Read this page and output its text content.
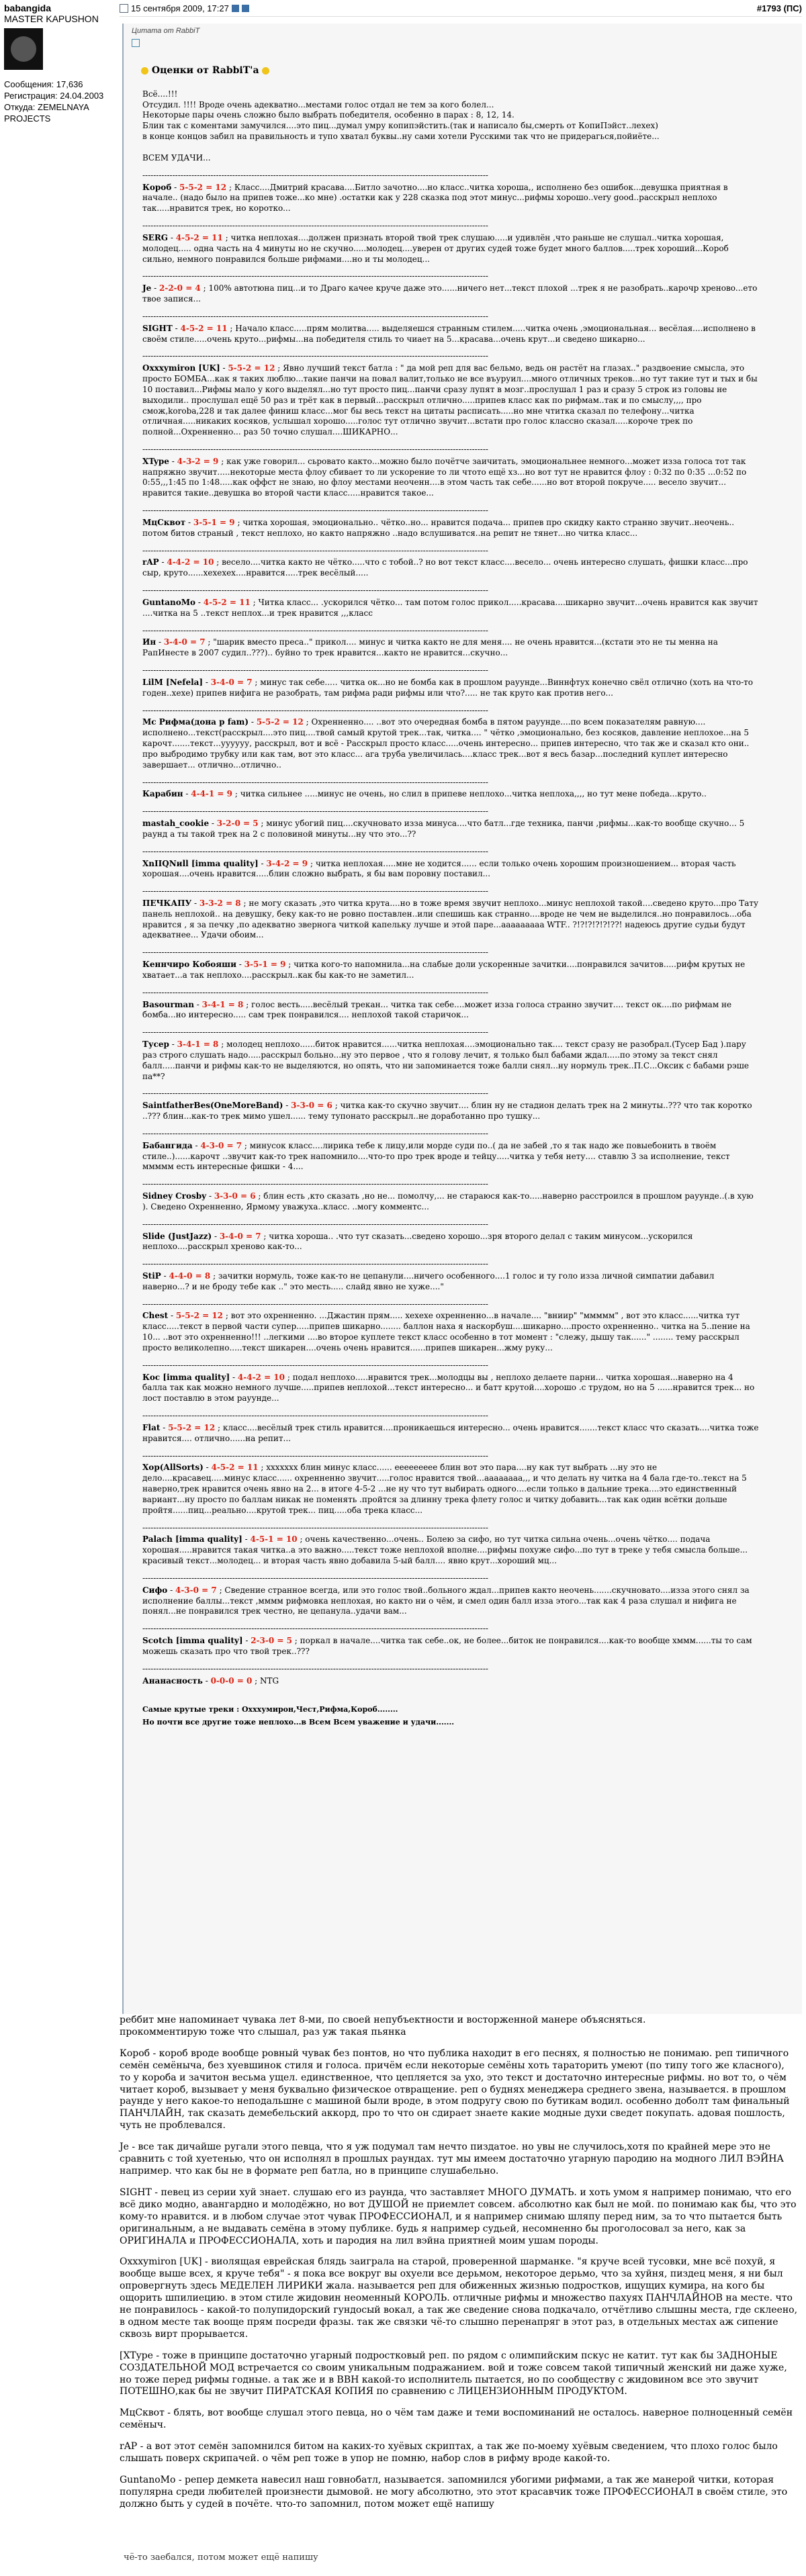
babangida
MASTER KAPUSHON
Сообщения: 17,636
Регистрация: 24.04.2003
Откуда: ZEMELNAYA PROJECTS
15 сентября 2009, 17:27	#1793 (ПС)
Цитата от RabbiT
Оценки от RabbiT'a

Всё....!!!

Отсудил. !!!! Вроде очень адекватно...местами голос отдал не тем за кого болел...

Некоторые пары очень сложно было выбрать победителя, особенно в парах : 8, 12, 14.

Блин так с коментами замучился....это пиц...думал умру копипэйстить.(так и написало бы,смерть от КопиПэйст..лехех)

в конце концов забил на правильность и тупо хватал буквы..ну сами хотели Русскими так что не придерагься,пойиёте...

ВСЕМ УДАЧИ...

-------------------------------------------------------------------------------------------------------------------------------
Короб - 5-5-2 = 12 ; Класс....Дмитрий красава....Битло зачотно....но класс..читка хороша,, исполнено без ошибок...девушка приятная в начале.. (надо было на припев тоже...ко мне) .остатки как у 228 сказка под этот минус...рифмы хорошо..very good..расскрыл неплохо так.....нравится трек, но короткo...
-------------------------------------------------------------------------------------------------------------------------------
SERG - 4-5-2 = 11 ; читка неплохая....должен признать второй твой трек слушаю.....и удивлён ,что раньше не слушал..читка хорошая, молодец..... одна часть на 4 минуты но не скучно.....молодец....уверен от других судей тоже будет много баллов.....трек хороший...Короб сильно, немного понравился больше рифмами....но и ты молодец...
-------------------------------------------------------------------------------------------------------------------------------
Je - 2-2-0 = 4 ; 100% автотюна пиц...и то Драго качее круче даже это......ничего нет...текст плохой ...трек я не разобрать..карочр хреново...ето твое запися...
-------------------------------------------------------------------------------------------------------------------------------
SIGHT - 4-5-2 = 11 ; Начало класс.....прям молитва..... выделяешся странным стилем.....читка очень ,эмоциональная... весёлая....исполнено в своём стиле.....очень круто...рифмы...на победителя стиль то чиает на 5...красава...очень крут...и сведено шикарно...
-------------------------------------------------------------------------------------------------------------------------------
Oxxxymiron [UK] - 5-5-2 = 12 ; Явно лучший текст батла : " да мой реп для вас бельмо, ведь он растёт на глазах.." раздвоение смысла, это просто БОМБА...как я таких люблю...такие панчи на повал валит,только не все въуруил....много отличных треков...но тут такие тут и тых и бы 10 поставил...Рифмы мало у кого выделял...но тут просто пиц...панчи сразу лупят в мозг..прослушал 1 раз и сразу 5 строк из головы не выходили.. прослушал ещё 50 раз и трёт как в первый...расскрыл отлично.....припев класс как по рифмам..так и по смыслу,,,, про смож,korobа,228 и так далее финиш класс...мог бы весь текст на цитаты расписать.....но мне чтитка сказал по телефону...читка отличная.....никаких косяков, услышал хорошо.....голос тут отлично звучит...встати про голос классно сказал.....короче трек по полной...Охренненно... раз 50 точно слушал....ШИКАРНО...
-------------------------------------------------------------------------------------------------------------------------------
XType - 4-3-2 = 9 ; как уже говорил... сьровато както...можно было почётче заичитать, эмоциональнее немного...может изза голоса тот так напряжно звучит.....некоторые места флоу сбивает то ли ускорение то ли чтото ещё хз...но вот тут не нравится флоу : 0:32 по 0:35 ...0:52 по 0:55,,,1:45 по 1:48.....как оффст не знаю, но флоу местами неоченн....в этом часть так себе......но вот второй покруче..... весело звучит... нравится такие..девушка во второй части класс.....нравится такое...
-------------------------------------------------------------------------------------------------------------------------------
MцСквот - 3-5-1 = 9 ; читка хорошая, эмоционально.. чётко..но... нравится подача... припев про скидку както странно звучит..неочень.. потом битов страный , текст неплохо, но както напряжно ..надо вслушиватся..на репит не тянет...но читка класс...
-------------------------------------------------------------------------------------------------------------------------------
rAP - 4-4-2 = 10 ; весело....читка както не чётко.....что с тобой..? но вот текст класс....весело... очень интересно слушать, фишки класс...про сыр, круто......хехехех....нравится.....трек весёлый.....
-------------------------------------------------------------------------------------------------------------------------------
GuntanoMo - 4-5-2 = 11 ; Читка класс... .ускорился чётко... там потом голос прикол.....красава....шикарно звучит...очень нравится как звучит ....читка на 5 ..текст неплох...и трек нравится ,,,класс
-------------------------------------------------------------------------------------------------------------------------------
Ин - 3-4-0 = 7 ; "шарик вместо преса.." прикол.... минус и читка както не для меня.... не очень нравится...(кстати это не ты менна на РапИнесте в 2007 судил..???).. буйно то трек нравится...както не нравится...скучно...
-------------------------------------------------------------------------------------------------------------------------------
LilM [Nefela] - 3-4-0 = 7 ; минус так себе..... читка ок...но не бомба как в прошлом рауунде...Виннфтух конечно свёл отлично (хоть на что-то годен..хехе) припев нифига не разобрать, там рифма ради рифмы или что?..... не так круто как против него...
-------------------------------------------------------------------------------------------------------------------------------
Mc Рифма(дона p fam) - 5-5-2 = 12 ; Охренненно.... ..вот это очередная бомба в пятом рауунде....по всем показателям равную.... исполнено...текст(расскрыл....это пиц....твой самый крутой трек...так, читка.... " чётко ,эмоционально, без косяков, давление неплохое...на 5 карочт.......текст...уууууу, расскрыл, вот и всё - Расскрыл просто класс.....очень интересно... припев интересно, что так же и сказал кто они.. про выбродимо трубку или как там, вот это класс... ага труба увеличилась....класс трек...вот я весь базар...последний куплет интересно завершает... отлично...отлично..
-------------------------------------------------------------------------------------------------------------------------------
Карабин - 4-4-1 = 9 ; читка сильнее .....минус не очень, но слил в припеве неплохо...читка неплоха,,,, но тут мене победа...круто..
-------------------------------------------------------------------------------------------------------------------------------
mastah_cookie - 3-2-0 = 5 ; минус убогий пиц....скучновато изза минуса....что батл...где техника, панчи ,рифмы...как-то вообще скучно... 5 раунд а ты такой трек на 2 с половиной минуты...ну что это...??
-------------------------------------------------------------------------------------------------------------------------------
XnIIQNиll [imma quality] - 3-4-2 = 9 ; читка неплохая.....мне не ходится...... если только очень хорошим произношением... вторая часть хорошая....очень нравится.....блин сложно выбрать, я бы вам поровну поставил...
-------------------------------------------------------------------------------------------------------------------------------
ПЕЧКАПУ - 3-3-2 = 8 ; не могу сказать ,это читка крута....но в тоже время звучит неплохо...минус неплохой такой....сведено круто...про Тату панель неплохой.. на девушку, беку как-то не ровно поставлен..или спешишь как странно....вроде не чем не выделился..но понравилось...оба нравится , я за печку ,по адекватно звернога читкой капельку лучше и этой паре...ааааааааа WTF.. ?!?!?!?!?!??! надеюсь другие судьи будут адекватнее... Удачи обоим...
-------------------------------------------------------------------------------------------------------------------------------
Кеннчиро Кобояши - 3-5-1 = 9 ; читка кого-то напомнила...на слабые доли ускоренные зачитки....понравился зачитов.....рифм крутых не хватает...а так неплохо....расскрыл..как бы как-то не заметил...
-------------------------------------------------------------------------------------------------------------------------------
Basourman - 3-4-1 = 8 ; голос весть.....весёлый трекан... читка так себе....может изза голоса странно звучит.... текст ок....по рифмам не бомба...но интересно..... сам трек понравился.... неплохой такой старичок...
-------------------------------------------------------------------------------------------------------------------------------
Тусер - 3-4-1 = 8 ; молодец неплохо......биток нравится......читка неплохая....эмоционально так.... текст сразу не разобрал.(Тусер Бад ).пару раз строго слушать надо.....расскрыл больно...ну это первое , что я голову лечит, я только был бабами ждал.....по этому за текст снял балл.....панчи и рифмы как-то не выделяются, но опять, что ни запоминается тоже балли снял...ну нормуль трек..П.С...Оксик с бабами рэше па**?
-------------------------------------------------------------------------------------------------------------------------------
SaintfatherBes(OneMoreBand) - 3-3-0 = 6 ; читка как-то скучно звучит.... блин ну не стадион делать трек на 2 минуты..??? что так коротко ..??? блин...как-то трек мимо ушел...... тему тупонато расскрыл..не доработанно про тушку...
-------------------------------------------------------------------------------------------------------------------------------
Бабангида - 4-3-0 = 7 ; минусок класс....лирика тебе к лицу,или морде суди по..( да не забей ,то я так надо же повыебонить в твоём стиле..)......карочт ..звучит как-то трек напомнило....что-то про трек вроде и тейцу.....читка у тебя нету.... ставлю 3 за исполнение, текст ммммм есть интересные фишки - 4....
-------------------------------------------------------------------------------------------------------------------------------
Sidney Crosby - 3-3-0 = 6 ; блин есть ,кто сказать ,но не... помолчу,... не стараюся как-то.....наверно расстроился в прошлом рауунде..(.в хую ). Сведено Охренненно, Ярмому уважуха..класс. ..могу комментс...
-------------------------------------------------------------------------------------------------------------------------------
Slide (JustJazz) - 3-4-0 = 7 ; читка хороша.. .что тут сказать...сведено хорошо...зря второго делал с таким минусом...ускорился неплохо....расскрыл хреново как-то...
-------------------------------------------------------------------------------------------------------------------------------
StiP - 4-4-0 = 8 ; зачитки нормуль, тоже как-то не цепанули....ничего особенного....1 голос и ту голо изза личной симпатии дабавил наверно...? и не броду тебе как .." это месть..... слайд явно не хуже...."
-------------------------------------------------------------------------------------------------------------------------------
Chest - 5-5-2 = 12 ; вот это охренненно. ...Джастин прям..... хехехе охренненно...в начале.... "вниир" "ммммм" , вот это класс......читка тут класс.....текст в первой части супер.....припев шикарно........ баллон наха я наскорбуш....шикарно....просто охренненно.. читка на 5..пение на 10... ..вот это охренненно!!! ..легкими ....во второе куплете текст класс особенно в тот момент : "слежу, дышу так......" ........ тему расскрыл просто великолепно.....текст шикарен....очень очень нравится......припев шикарен...жму руку...
-------------------------------------------------------------------------------------------------------------------------------
Кос [imma quality] - 4-4-2 = 10 ; подал неплохо.....нравится трек...молодцы вы , неплохо делаете парни... читка хорошая...наверно на 4 балла так как можно немного лучше.....припев неплохой...текст интересно... и батт крутой....хорошо .с трудом, но на 5 ......нравится трек... но лост поставлю в этом рауунде...
-------------------------------------------------------------------------------------------------------------------------------
Flat - 5-5-2 = 12 ; класс....весёлый трек стиль нравится....проникаешься интересно... очень нравится.......текст класс что сказать....читка тоже нравится.... отлично......на репит...
-------------------------------------------------------------------------------------------------------------------------------
Xop(AllSorts) - 4-5-2 = 11 ; ххххххх блин минус класс...... еееееееее блин вот это пара....ну как тут выбрать ...ну это не дело....красавец.....минус класс...... охренненно звучит.....голос нравится твой...аааааааа,,, и что делать ну читка на 4 бала где-то..текст на 5 наверно,трек нравится очень явно на 2... в итоге 4-5-2 ...не ну что тут выбирать одного....если только в дальние трека....это единственный вариант...ну просто по баллам никак не поменять .пройтся за длинну трека флету голос и читку добавить...так как один всётки дольше пройтя......пиц...реально....крутой трек... пиц.....оба трека класс...
-------------------------------------------------------------------------------------------------------------------------------
Palach [imma quality] - 4-5-1 = 10 ; очень качественно...очень.. Болею за сифо, но тут читка сильна очень...очень чётко.... подача хорошая.....нравится такая читка..а это важно.....текст тоже неплохой вполне....рифмы похуже сифо...по тут в треке у тебя смысла больше... красивый текст...молодец... и вторая часть явно добавила 5-ый балл.... явно крут...хороший мц...
-------------------------------------------------------------------------------------------------------------------------------
Сифо - 4-3-0 = 7 ; Сведение странное всегда, или это голос твой..больного ждал...припев както неочень.......скучновато....изза этого снял за исполнение баллы...текст ,мммм рифмовка неплохая, но както ни о чём, и смел один балл изза этого...так как 4 раза слушал и нифига не понял...не понравился трек честно, не цепанула..удачи вам...
-------------------------------------------------------------------------------------------------------------------------------
Scotch [imma quality] - 2-3-0 = 5 ; поркал в начале....читка так себе..ок, не более...биток не понравился....как-то вообще хммм......ты то сам можешь сказать про что твой трек..???
-------------------------------------------------------------------------------------------------------------------------------
Ананасность - 0-0-0 = 0 ; NTG
Самые крутые треки : Охххумирон,Чест,Рифма,Короб........
Но почти все другие тоже неплохо...в Всем Всем уважение и удачи.......

реббит мне напоминает чувака лет 8-ми, по своей непубъектности и восторженной манере объясняться.

прокомментирую тоже что слышал, раз уж такая пьянка

Короб - короб вроде вообще ровный чувак без понтов, но что публика находит в его песнях, я полностью не понимаю. реп типичного семён семёныча, без хуевшинок стиля и голоса. причём если некоторые семёны хоть тараторить умеют (по типу того же класного), то у короба и зачитон весьма ущел. единственное, что цепляется за ухо, это текст и достаточно интересные рифмы. но вот то, о чём читает короб, вызывает у меня буквально физическое отвращение. реп о буднях менеджера среднего звена, называется. в прошлом раунде у него какое-то неподальшне с машиной были вроде, в этом подругу свою по бутикам водил. особенно доболт там финальный ПАНЧЛАЙН, так сказать демебельский аккорд, про то что он сдирает знаете какие модные духи сведет покупать. адовая пошлость, чуть не проблевался.

Je - все так дичайше ругали этого певца, что я уж подумал там нечто пиздатое. но увы не случилось,хотя по крайней мере это не сравнить с той хуетенью, что он исполнял в прошлых раундах. тут мы имеем достаточно угарную пародию на модного ЛИЛ ВЭЙНА например. что как бы не в формате реп батла, но в принципе слушабельно.

SIGHT - певец из серии хуй знает. слушаю его из раунда, что заставляет МНОГО ДУМАТЬ. и хоть умом я например понимаю, что его всё дико модно, авангардно и молодёжно, но вот ДУШОЙ не приемлет совсем. абсолютно как был не мой. по понимаю как бы, что это кому-то нравится. и в любом случае этот чувак ПРОФЕССИОНАЛ, и я например снимаю шляпу перед ним, за то что пытается быть оригинальным, а не выдавать семёна в этому публике. будь я например судьей, несомненно бы проголосовал за него, как за ОРИГИНАЛА и ПРОФЕССИОНАЛА, хоть и пародия на лил вэйна приятней моим ушам породы.

Oxxxymiron [UK] - виолящая еврейская блядь заиграла на старой, проверенной шарманке. "я круче всей тусовки, мне всё похуй, я вообще выше всех, я круче тебя" - я пока все вокруг вы охуели все дерьмом, некоторое дерьмо, что за хуйня, пиздец меня, я ни был опровергнуть здесь МЕДЕЛЕН ЛИРИКИ жала. называется реп для обиженных жизнью подростков, ищущих кумира, на кого бы ощорить шпилиецию. в этом стиле жидовин неоменный КОРОЛЬ. отличные рифмы и множество пахуях ПАНЧЛАЙНОВ на месте. что не понравилось - какой-то полупидорский гундосый вокал, а так же сведение снова подкачало, отчётливо слышны места, где склеено, в одном месте так вооще прям посреди фразы. так же связки чё-то слышно перенапряг в этот раз, в отдельных местах аж сипение сквозь вирт прорывается.

[XType - тоже в принципе достаточно угарный подростковый реп. по рядом с олимпийским пскус не катит. тут как бы ЗАДНОНЫЕ СОЗДАТЕЛЬНОЙ МОД встречается со своим уникальным подражанием. вой и тоже совсем такой типичный женский ни даже хуже, но тоже перед рифмы годные. а так же и в ВВН какой-то исполнитель пытается, но по сообществу с жидовином все это звучит ПОТЕШНО,как бы не звучит ПИРАТСКАЯ КОПИЯ по сравнению с ЛИЦЕНЗИОННЫМ ПРОДУКТОМ.

MцСквот - блять, вот вообще слушал этого певца, но о чём там даже и теми воспоминаний не осталось. наверное полноценный семён семёныч.

rAP - а вот этот семён запомнился битом на каких-то хуёвых скриптах, а так же по-моему хуёвым сведением, что плохо голос было слышать поверх скрипачей. о чём реп тоже в упор не помню, набор слов в рифму вроде какой-то.

GuntanoMo - репер демкета навесил наш говнобатл, называется. запомнился убогими рифмами, а так же манерой читки, которая популярна среди любителей произнести дымовой. не могу абсолютно, это этот красавчик тоже ПРОФЕССИОНАЛ в своём стиле, это должно быть у судей в почёте. что-то запомнил, потом может ещё напишу

чё-то заебался, потом может ещё напишу
